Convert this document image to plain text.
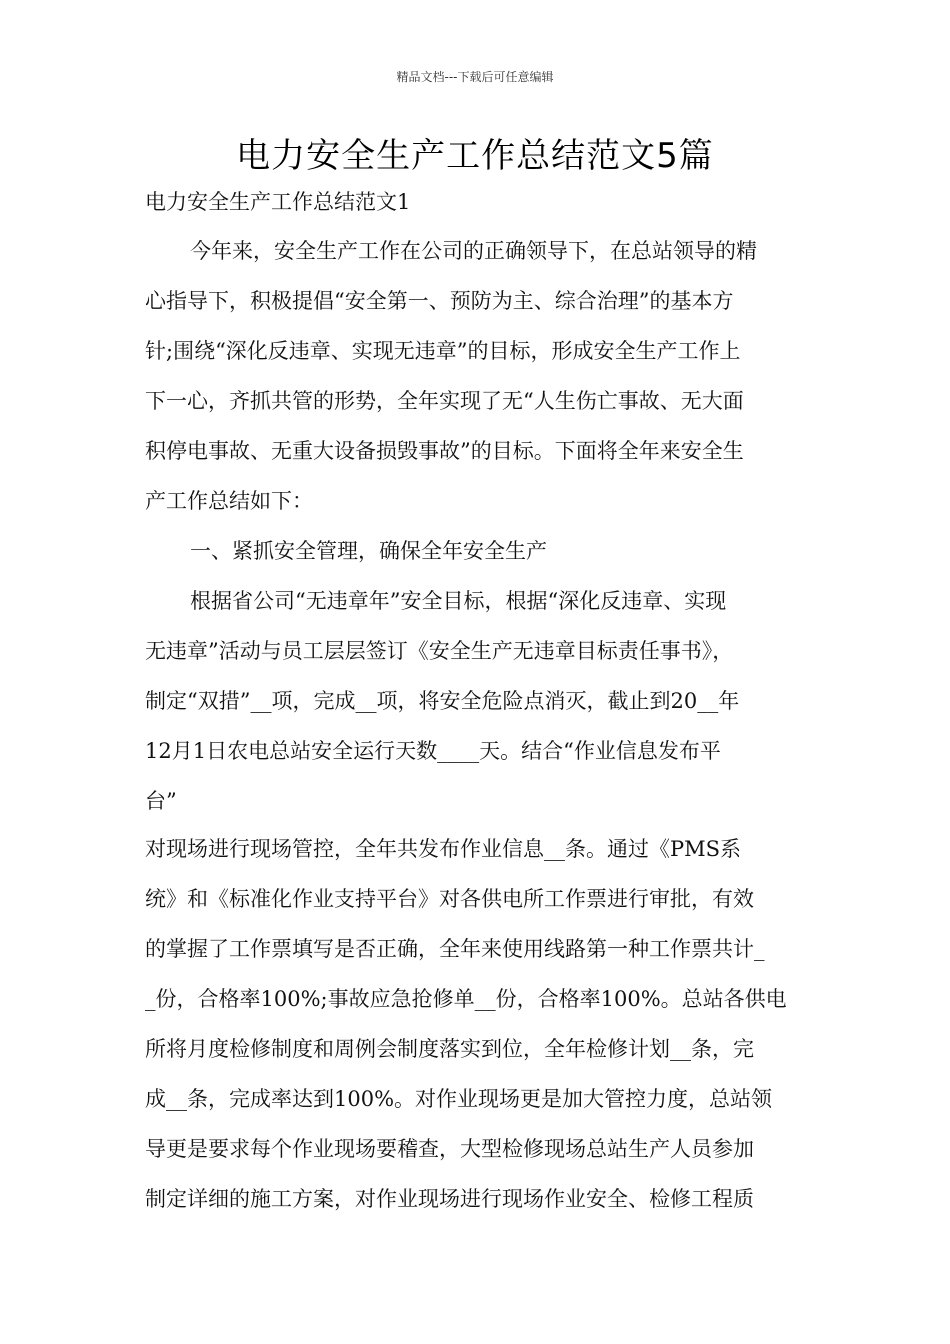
精品文档---下载后可任意编辑
电力安全生产工作总结范文5篇
电力安全生产工作总结范文1
今年来，安全生产工作在公司的正确领导下，在总站领导的精
心指导下，积极提倡“安全第一、预防为主、综合治理”的基本方
针;围绕“深化反违章、实现无违章”的目标，形成安全生产工作上
下一心，齐抓共管的形势，全年实现了无“人生伤亡事故、无大面
积停电事故、无重大设备损毁事故”的目标。下面将全年来安全生
产工作总结如下：
一、紧抓安全管理，确保全年安全生产
根据省公司“无违章年”安全目标，根据“深化反违章、实现
无违章”活动与员工层层签订《安全生产无违章目标责任事书》，
制定“双措”__项，完成__项，将安全危险点消灭，截止到20__年
12月1日农电总站安全运行天数____天。结合“作业信息发布平
台”
对现场进行现场管控，全年共发布作业信息__条。通过《PMS系
统》和《标准化作业支持平台》对各供电所工作票进行审批，有效
的掌握了工作票填写是否正确，全年来使用线路第一种工作票共计_
_份，合格率100%;事故应急抢修单__份，合格率100%。总站各供电
所将月度检修制度和周例会制度落实到位，全年检修计划__条，完
成__条，完成率达到100%。对作业现场更是加大管控力度，总站领
导更是要求每个作业现场要稽查，大型检修现场总站生产人员参加
制定详细的施工方案，对作业现场进行现场作业安全、检修工程质
